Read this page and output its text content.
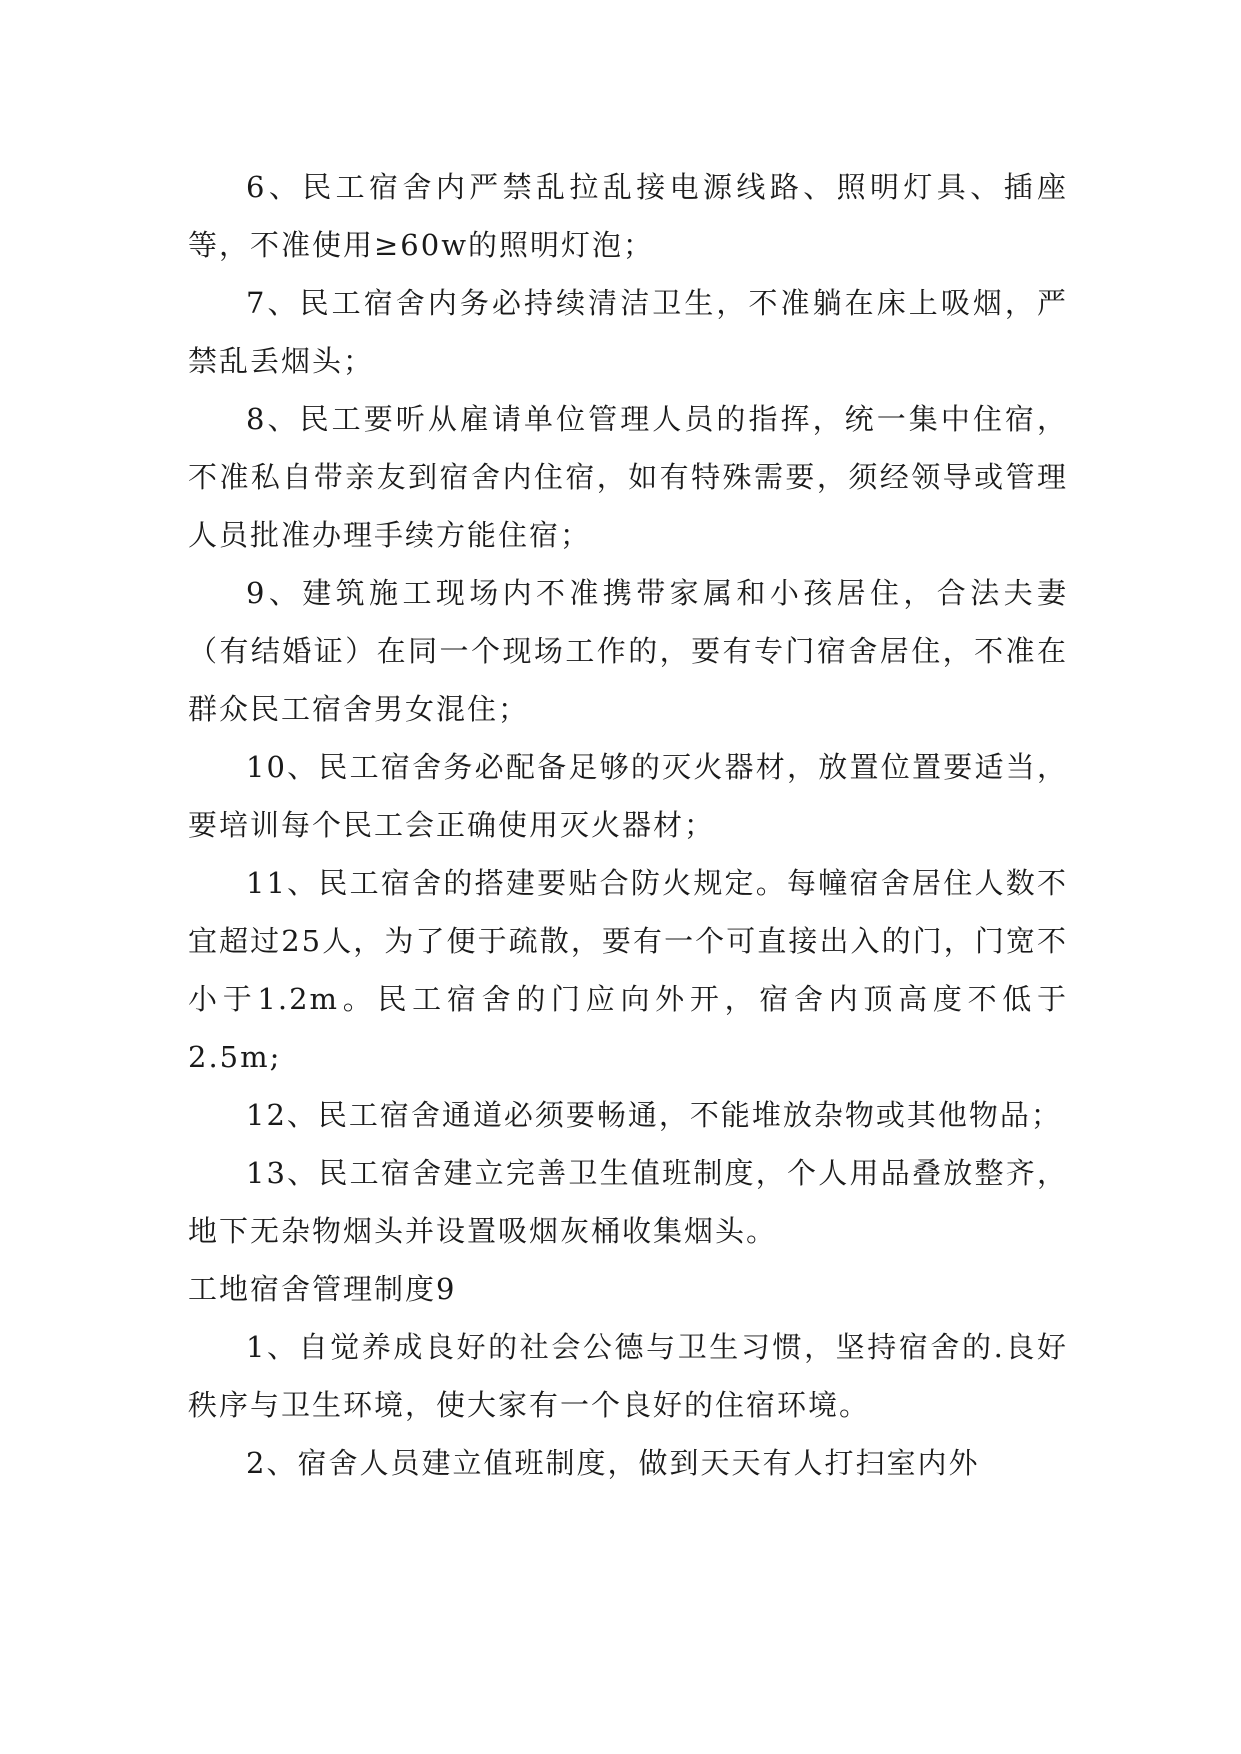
6、民工宿舍内严禁乱拉乱接电源线路、照明灯具、插座等，不准使用≥60w的照明灯泡；

7、民工宿舍内务必持续清洁卫生，不准躺在床上吸烟，严禁乱丢烟头；

8、民工要听从雇请单位管理人员的指挥，统一集中住宿，不准私自带亲友到宿舍内住宿，如有特殊需要，须经领导或管理人员批准办理手续方能住宿；

9、建筑施工现场内不准携带家属和小孩居住，合法夫妻（有结婚证）在同一个现场工作的，要有专门宿舍居住，不准在群众民工宿舍男女混住；

10、民工宿舍务必配备足够的灭火器材，放置位置要适当，要培训每个民工会正确使用灭火器材；

11、民工宿舍的搭建要贴合防火规定。每幢宿舍居住人数不宜超过25人，为了便于疏散，要有一个可直接出入的门，门宽不小于1.2m。民工宿舍的门应向外开，宿舍内顶高度不低于2.5m;

12、民工宿舍通道必须要畅通，不能堆放杂物或其他物品；

13、民工宿舍建立完善卫生值班制度，个人用品叠放整齐，地下无杂物烟头并设置吸烟灰桶收集烟头。

工地宿舍管理制度9

1、自觉养成良好的社会公德与卫生习惯，坚持宿舍的.良好秩序与卫生环境，使大家有一个良好的住宿环境。

2、宿舍人员建立值班制度，做到天天有人打扫室内外
